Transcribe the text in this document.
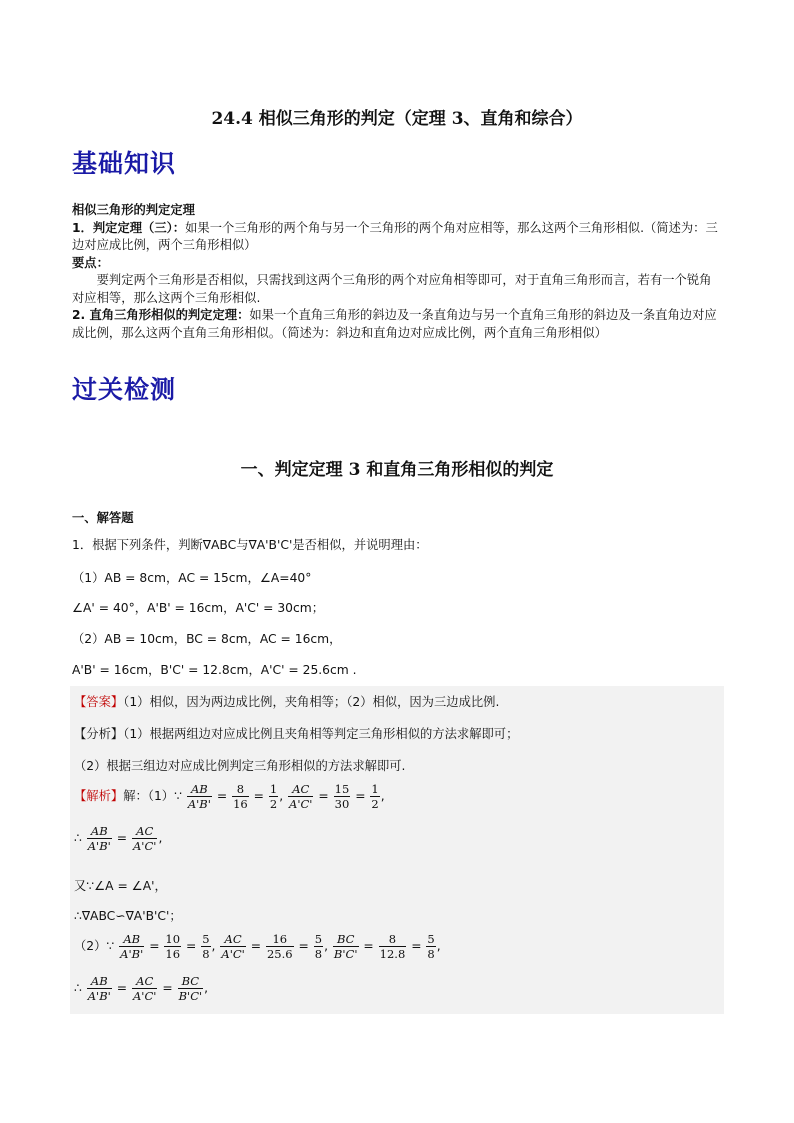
24.4 相似三角形的判定（定理 3、直角和综合）
基础知识

相似三角形的判定定理

1．判定定理（三）：如果一个三角形的两个角与另一个三角形的两个角对应相等，那么这两个三角形相似.（简述为：三边对应成比例，两个三角形相似）

要点：

要判定两个三角形是否相似，只需找到这两个三角形的两个对应角相等即可，对于直角三角形而言，若有一个锐角对应相等，那么这两个三角形相似.

2. 直角三角形相似的判定定理：如果一个直角三角形的斜边及一条直角边与另一个直角三角形的斜边及一条直角边对应成比例，那么这两个直角三角形相似。（简述为：斜边和直角边对应成比例，两个直角三角形相似）

过关检测
一、判定定理 3 和直角三角形相似的判定
一、解答题
1．根据下列条件，判断∇ABC与∇A'B'C'是否相似，并说明理由：
（1）AB = 8cm，AC = 15cm，∠A=40°
∠A' = 40°，A'B' = 16cm，A'C' = 30cm；
（2）AB = 10cm，BC = 8cm，AC = 16cm，
A'B' = 16cm，B'C' = 12.8cm，A'C' = 25.6cm .
【答案】（1）相似，因为两边成比例，夹角相等；（2）相似，因为三边成比例.
【分析】（1）根据两组边对应成比例且夹角相等判定三角形相似的方法求解即可；
（2）根据三组边对应成比例判定三角形相似的方法求解即可.
【解析】解：（1）∵ $\frac{AB}{A'B'} = \frac{8}{16} = \frac{1}{2}$ , $\frac{AC}{A'C'} = \frac{15}{30} = \frac{1}{2}$ ,
∴ $\frac{AB}{A'B'} = \frac{AC}{A'C'}$ ,
又∵∠A = ∠A'，
∴∇ABC∽∇A'B'C'；
（2）∵ $\frac{AB}{A'B'} = \frac{10}{16} = \frac{5}{8}$ , $\frac{AC}{A'C'} = \frac{16}{25.6} = \frac{5}{8}$ , $\frac{BC}{B'C'} = \frac{8}{12.8} = \frac{5}{8}$ ,
∴ $\frac{AB}{A'B'} = \frac{AC}{A'C'} = \frac{BC}{B'C'}$ ,
